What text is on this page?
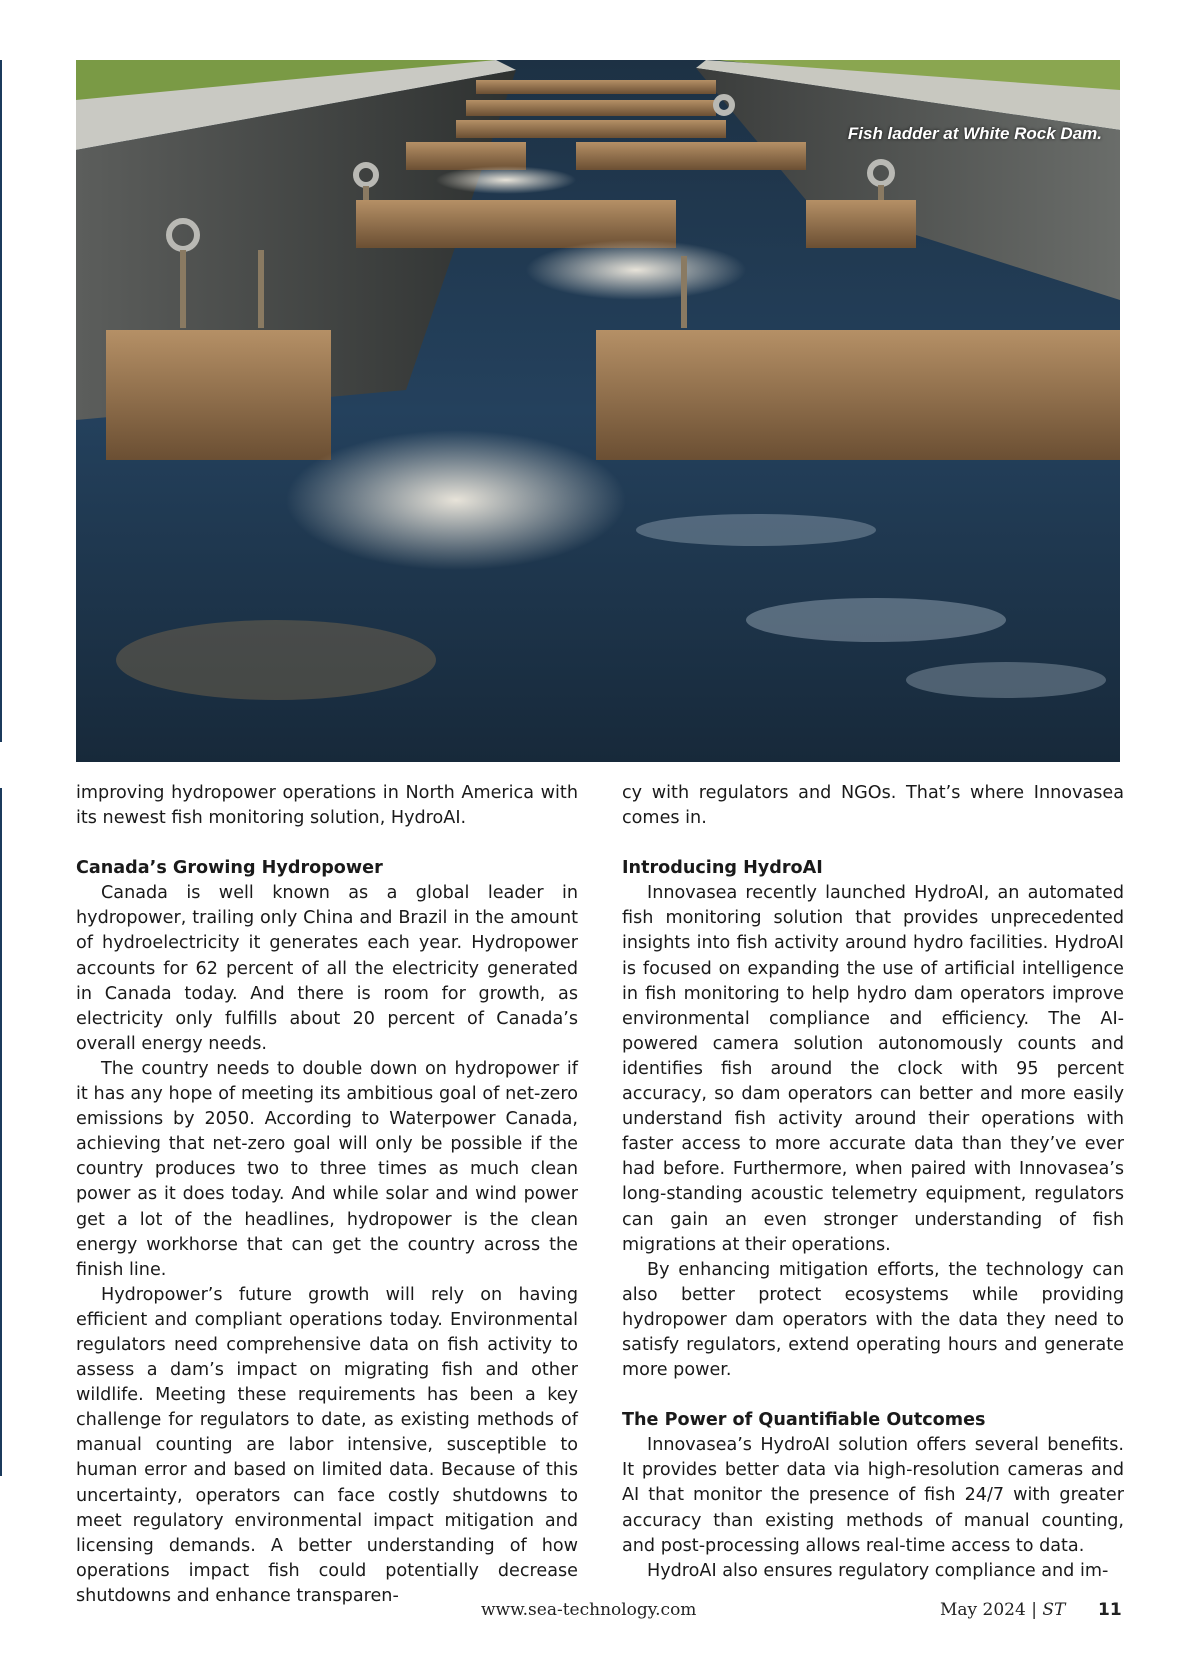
Fish ladder at White Rock Dam.

improving hydropower operations in North America with its newest fish monitoring solution, HydroAI.

Canada’s Growing Hydropower

Canada is well known as a global leader in hydropower, trailing only China and Brazil in the amount of hydroelectricity it generates each year. Hydropower accounts for 62 percent of all the electricity generated in Canada today. And there is room for growth, as electricity only fulfills about 20 percent of Canada’s overall energy needs.

The country needs to double down on hydropower if it has any hope of meeting its ambitious goal of net-zero emissions by 2050. According to Waterpower Canada, achieving that net-zero goal will only be possible if the country produces two to three times as much clean power as it does today. And while solar and wind power get a lot of the headlines, hydropower is the clean energy workhorse that can get the country across the finish line.

Hydropower’s future growth will rely on having efficient and compliant operations today. Environmental regulators need comprehensive data on fish activity to assess a dam’s impact on migrating fish and other wildlife. Meeting these requirements has been a key challenge for regulators to date, as existing methods of manual counting are labor intensive, susceptible to human error and based on limited data. Because of this uncertainty, operators can face costly shutdowns to meet regulatory environmental impact mitigation and licensing demands. A better understanding of how operations impact fish could potentially decrease shutdowns and enhance transparen-

cy with regulators and NGOs. That’s where Innovasea comes in.

Introducing HydroAI

Innovasea recently launched HydroAI, an automated fish monitoring solution that provides unprecedented insights into fish activity around hydro facilities. HydroAI is focused on expanding the use of artificial intelligence in fish monitoring to help hydro dam operators improve environmental compliance and efficiency. The AI-powered camera solution autonomously counts and identifies fish around the clock with 95 percent accuracy, so dam operators can better and more easily understand fish activity around their operations with faster access to more accurate data than they’ve ever had before. Furthermore, when paired with Innovasea’s long-standing acoustic telemetry equipment, regulators can gain an even stronger understanding of fish migrations at their operations.

By enhancing mitigation efforts, the technology can also better protect ecosystems while providing hydropower dam operators with the data they need to satisfy regulators, extend operating hours and generate more power.

The Power of Quantifiable Outcomes

Innovasea’s HydroAI solution offers several benefits. It provides better data via high-resolution cameras and AI that monitor the presence of fish 24/7 with greater accuracy than existing methods of manual counting, and post-processing allows real-time access to data.

HydroAI also ensures regulatory compliance and im-

www.sea-technology.com	May 2024 | ST 11
